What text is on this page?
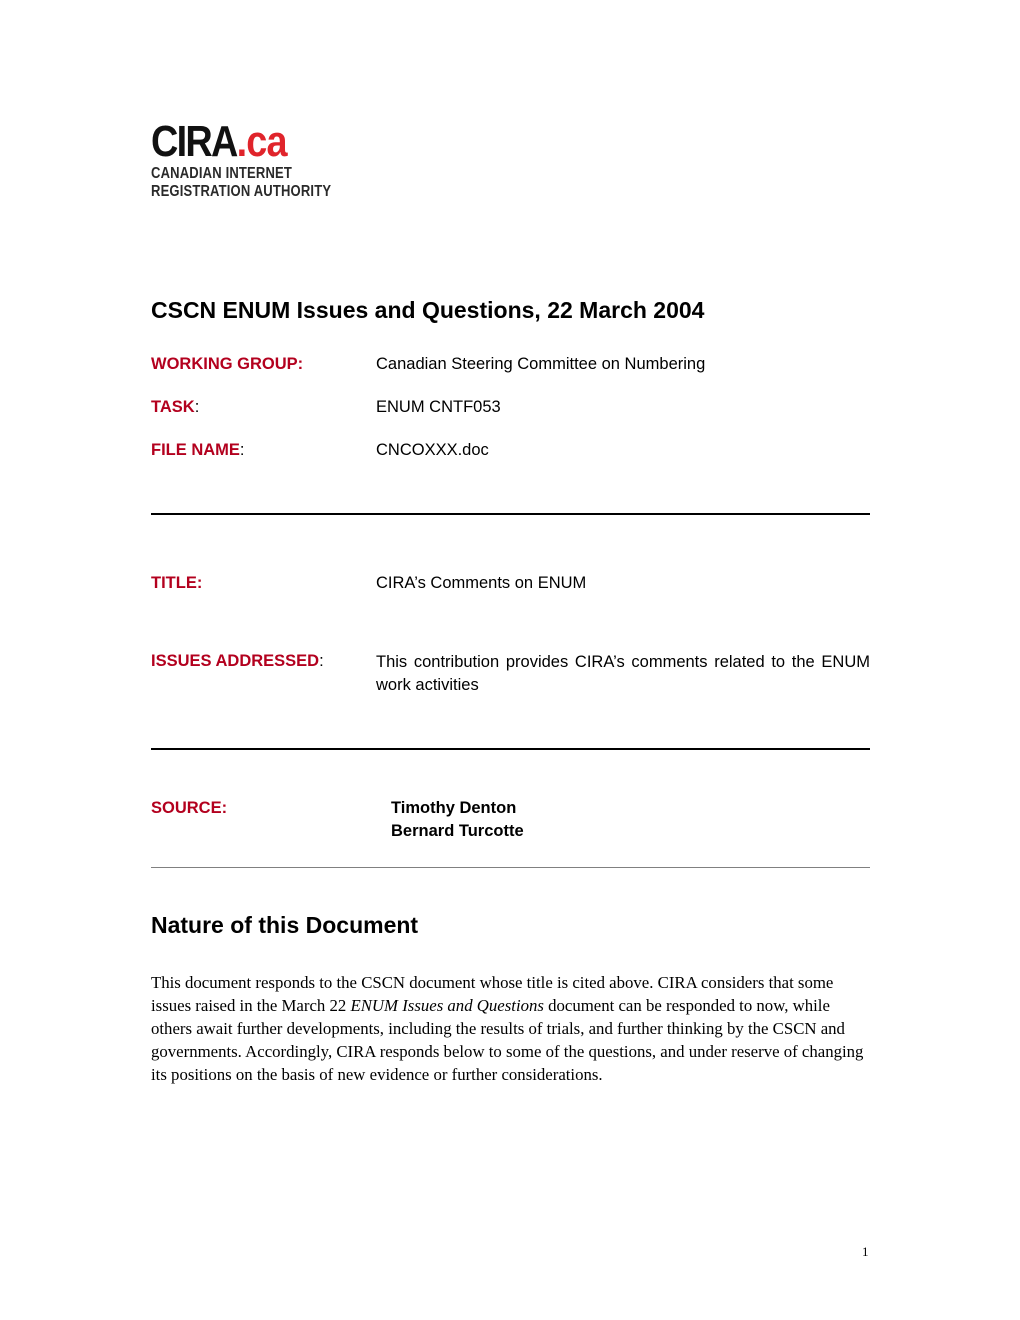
CIRA.ca
CANADIAN INTERNET
REGISTRATION AUTHORITY
CSCN ENUM Issues and Questions, 22 March 2004
WORKING GROUP:	Canadian Steering Committee on Numbering
TASK:	ENUM CNTF053
FILE NAME:	CNCOXXX.doc
TITLE:	CIRA’s Comments on ENUM
ISSUES ADDRESSED:	This contribution provides CIRA’s comments related to the ENUM work activities
SOURCE:	Timothy Denton
Bernard Turcotte
Nature of this Document
This document responds to the CSCN document whose title is cited above. CIRA considers that some issues raised in the March 22 ENUM Issues and Questions document can be responded to now, while others await further developments, including the results of trials, and further thinking by the CSCN and governments. Accordingly, CIRA responds below to some of the questions, and under reserve of changing its positions on the basis of new evidence or further considerations.
1
